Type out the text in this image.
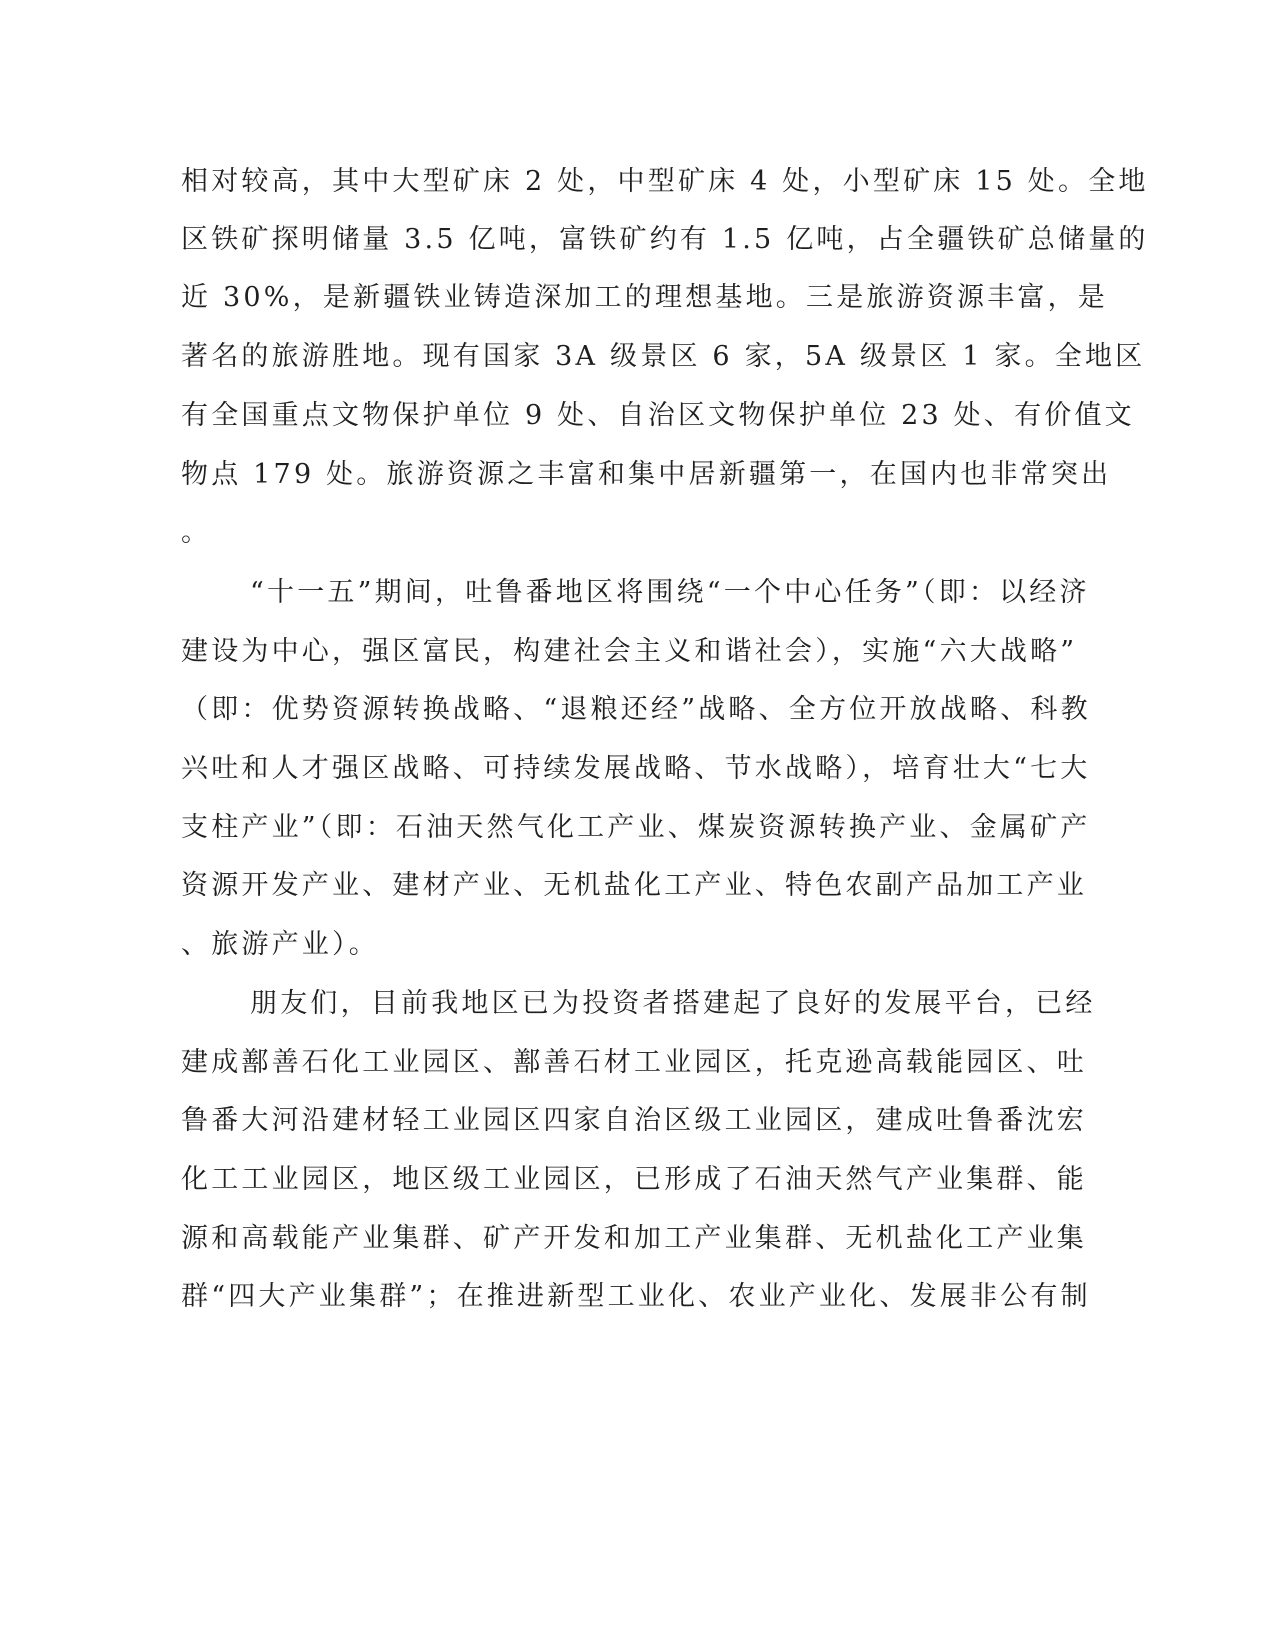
相对较高，其中大型矿床 2 处，中型矿床 4 处，小型矿床 15 处。全地
区铁矿探明储量 3.5 亿吨，富铁矿约有 1.5 亿吨，占全疆铁矿总储量的
近 30%，是新疆铁业铸造深加工的理想基地。三是旅游资源丰富，是
著名的旅游胜地。现有国家 3A 级景区 6 家，5A 级景区 1 家。全地区
有全国重点文物保护单位 9 处、自治区文物保护单位 23 处、有价值文
物点 179 处。旅游资源之丰富和集中居新疆第一，在国内也非常突出
。
“十一五”期间，吐鲁番地区将围绕“一个中心任务”（即：以经济
建设为中心，强区富民，构建社会主义和谐社会），实施“六大战略”
（即：优势资源转换战略、“退粮还经”战略、全方位开放战略、科教
兴吐和人才强区战略、可持续发展战略、节水战略），培育壮大“七大
支柱产业”（即：石油天然气化工产业、煤炭资源转换产业、金属矿产
资源开发产业、建材产业、无机盐化工产业、特色农副产品加工产业
、旅游产业）。
朋友们，目前我地区已为投资者搭建起了良好的发展平台，已经
建成鄯善石化工业园区、鄯善石材工业园区，托克逊高载能园区、吐
鲁番大河沿建材轻工业园区四家自治区级工业园区，建成吐鲁番沈宏
化工工业园区，地区级工业园区，已形成了石油天然气产业集群、能
源和高载能产业集群、矿产开发和加工产业集群、无机盐化工产业集
群“四大产业集群”；在推进新型工业化、农业产业化、发展非公有制
